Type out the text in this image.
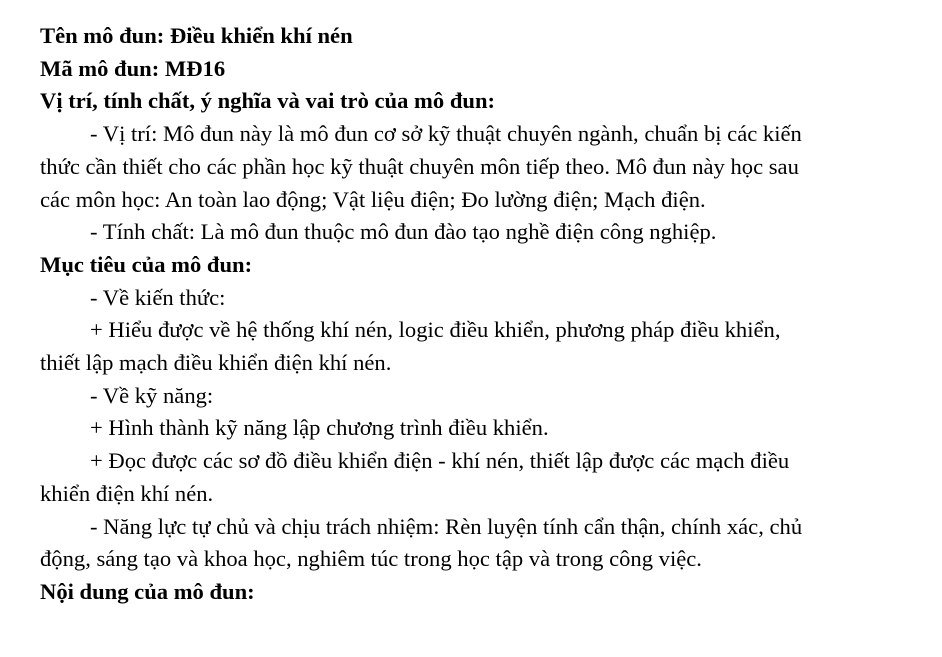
Tên mô đun: Điều khiển khí nén
Mã mô đun: MĐ16
Vị trí, tính chất, ý nghĩa và vai trò của mô đun:
- Vị trí: Mô đun này là mô đun cơ sở kỹ thuật chuyên ngành, chuẩn bị các kiến
thức cần thiết cho các phần học kỹ thuật chuyên môn tiếp theo. Mô đun này học sau
các môn học: An toàn lao động; Vật liệu điện; Đo lường điện; Mạch điện.
- Tính chất: Là mô đun thuộc mô đun đào tạo nghề điện công nghiệp.
Mục tiêu của mô đun:
- Về kiến thức:
+ Hiểu được về hệ thống khí nén, logic điều khiển, phương pháp điều khiển,
thiết lập mạch điều khiển điện khí nén.
- Về kỹ năng:
+ Hình thành kỹ năng lập chương trình điều khiển.
+ Đọc được các sơ đồ điều khiển điện - khí nén, thiết lập được các mạch điều
khiển điện khí nén.
- Năng lực tự chủ và chịu trách nhiệm: Rèn luyện tính cẩn thận, chính xác, chủ
động, sáng tạo và khoa học, nghiêm túc trong học tập và trong công việc.
Nội dung của mô đun:
